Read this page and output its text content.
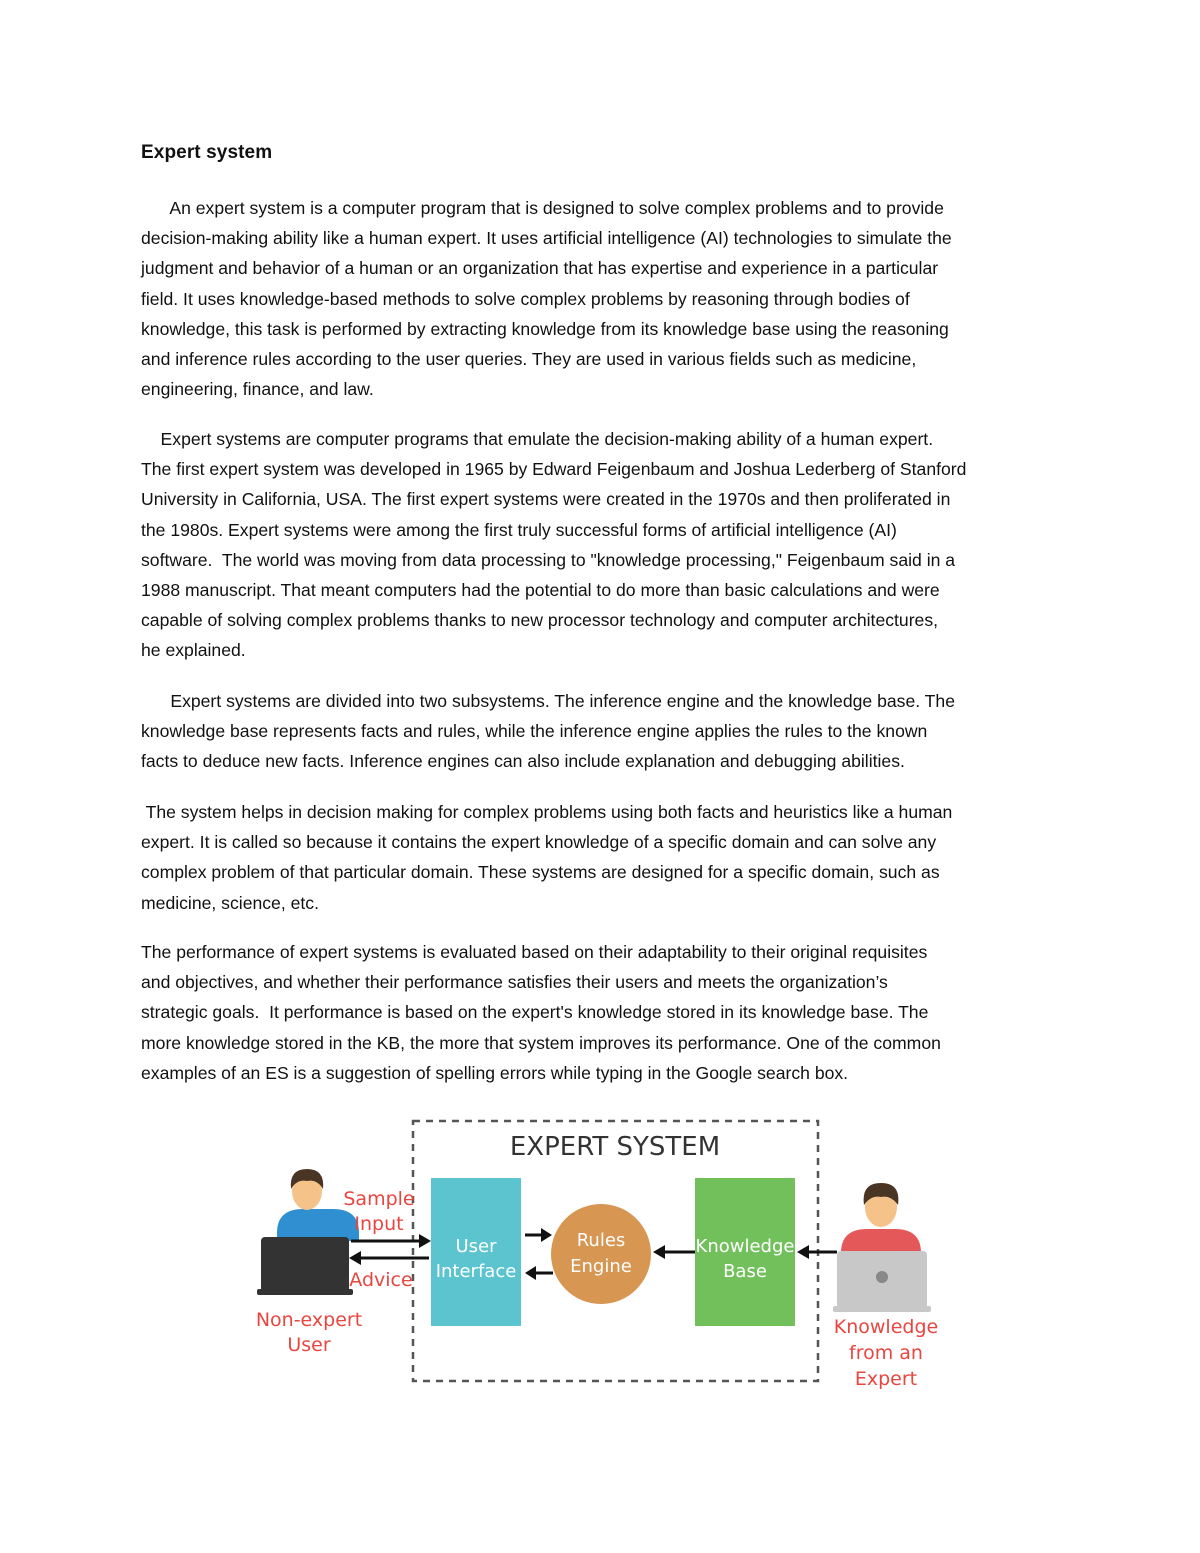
Expert system

An expert system is a computer program that is designed to solve complex problems and to provide
decision-making ability like a human expert. It uses artificial intelligence (AI) technologies to simulate the
judgment and behavior of a human or an organization that has expertise and experience in a particular
field. It uses knowledge-based methods to solve complex problems by reasoning through bodies of
knowledge, this task is performed by extracting knowledge from its knowledge base using the reasoning
and inference rules according to the user queries. They are used in various fields such as medicine,
engineering, finance, and law.

Expert systems are computer programs that emulate the decision-making ability of a human expert.
The first expert system was developed in 1965 by Edward Feigenbaum and Joshua Lederberg of Stanford
University in California, USA. The first expert systems were created in the 1970s and then proliferated in
the 1980s. Expert systems were among the first truly successful forms of artificial intelligence (AI)
software.  The world was moving from data processing to "knowledge processing," Feigenbaum said in a
1988 manuscript. That meant computers had the potential to do more than basic calculations and were
capable of solving complex problems thanks to new processor technology and computer architectures,
he explained.

Expert systems are divided into two subsystems. The inference engine and the knowledge base. The
knowledge base represents facts and rules, while the inference engine applies the rules to the known
facts to deduce new facts. Inference engines can also include explanation and debugging abilities.

The system helps in decision making for complex problems using both facts and heuristics like a human
expert. It is called so because it contains the expert knowledge of a specific domain and can solve any
complex problem of that particular domain. These systems are designed for a specific domain, such as
medicine, science, etc.

The performance of expert systems is evaluated based on their adaptability to their original requisites
and objectives, and whether their performance satisfies their users and meets the organization’s
strategic goals.  It performance is based on the expert's knowledge stored in its knowledge base. The
more knowledge stored in the KB, the more that system improves its performance. One of the common
examples of an ES is a suggestion of spelling errors while typing in the Google search box.

EXPERT SYSTEM
Sample
Input
Advice
Non-expert
User
User
Interface
Rules
Engine
Knowledge
Base
Knowledge
from an
Expert
